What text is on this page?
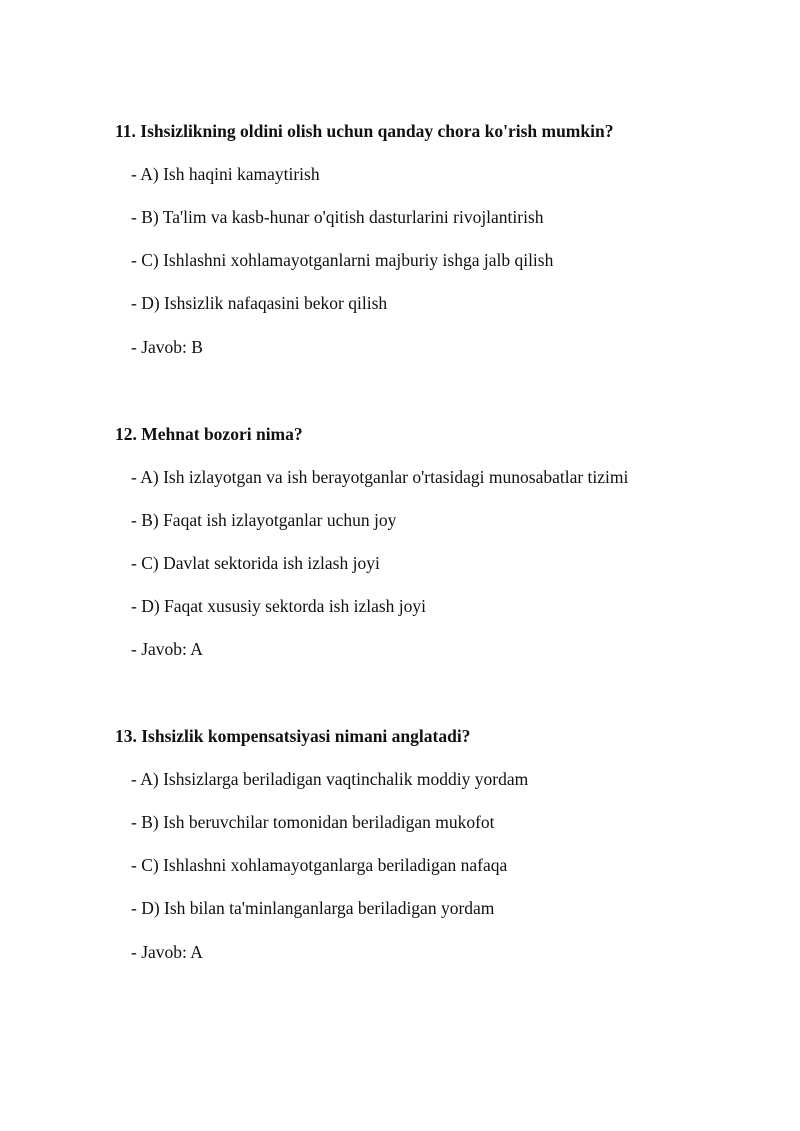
11. Ishsizlikning oldini olish uchun qanday chora ko'rish mumkin?
- A) Ish haqini kamaytirish
- B) Ta'lim va kasb-hunar o'qitish dasturlarini rivojlantirish
- C) Ishlashni xohlamayotganlarni majburiy ishga jalb qilish
- D) Ishsizlik nafaqasini bekor qilish
- Javob: B
12. Mehnat bozori nima?
- A) Ish izlayotgan va ish berayotganlar o'rtasidagi munosabatlar tizimi
- B) Faqat ish izlayotganlar uchun joy
- C) Davlat sektorida ish izlash joyi
- D) Faqat xususiy sektorda ish izlash joyi
- Javob: A
13. Ishsizlik kompensatsiyasi nimani anglatadi?
- A) Ishsizlarga beriladigan vaqtinchalik moddiy yordam
- B) Ish beruvchilar tomonidan beriladigan mukofot
- C) Ishlashni xohlamayotganlarga beriladigan nafaqa
- D) Ish bilan ta'minlanganlarga beriladigan yordam
- Javob: A
